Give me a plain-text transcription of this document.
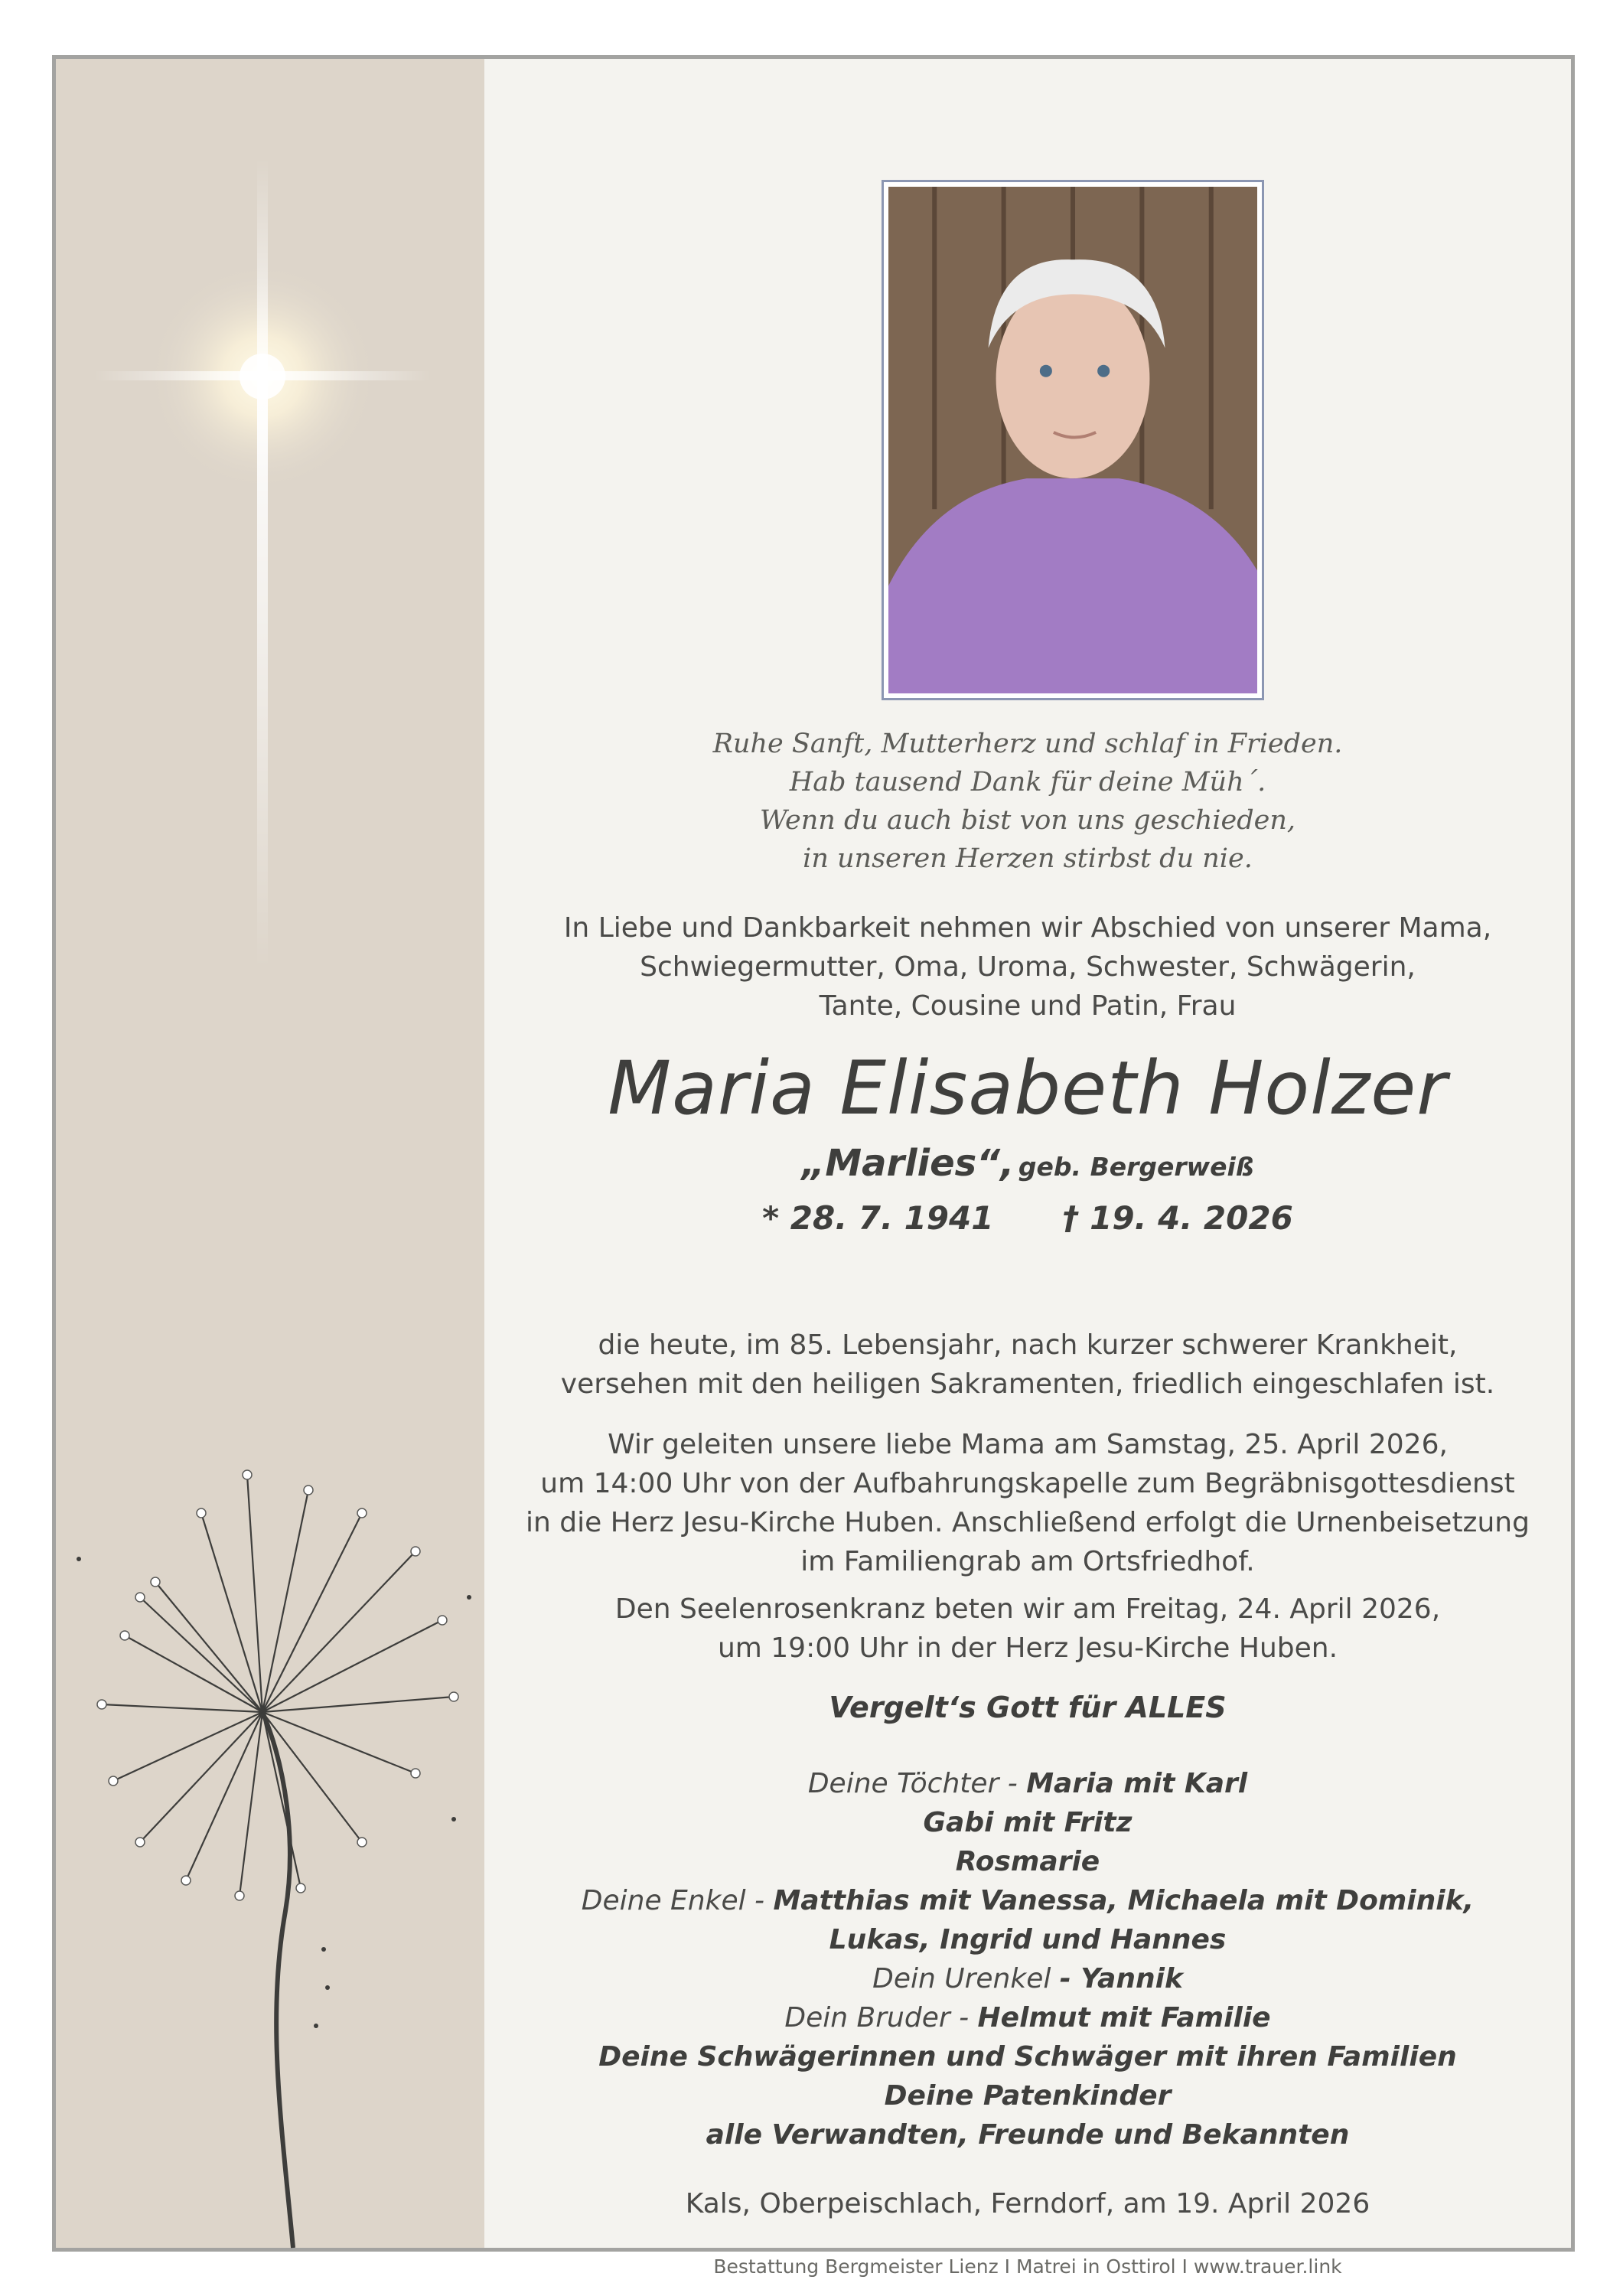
Ruhe Sanft, Mutterherz und schlaf in Frieden.
Hab tausend Dank für deine Müh´.
Wenn du auch bist von uns geschieden,
in unseren Herzen stirbst du nie.
In Liebe und Dankbarkeit nehmen wir Abschied von unserer Mama,
Schwiegermutter, Oma, Uroma, Schwester, Schwägerin,
Tante, Cousine und Patin, Frau
Maria Elisabeth Holzer
„Marlies“, geb. Bergerweiß
* 28. 7. 1941 † 19. 4. 2026
die heute, im 85. Lebensjahr, nach kurzer schwerer Krankheit,
versehen mit den heiligen Sakramenten, friedlich eingeschlafen ist.
Wir geleiten unsere liebe Mama am Samstag, 25. April 2026,
um 14:00 Uhr von der Aufbahrungskapelle zum Begräbnisgottesdienst
in die Herz Jesu-Kirche Huben. Anschließend erfolgt die Urnenbeisetzung
im Familiengrab am Ortsfriedhof.
Den Seelenrosenkranz beten wir am Freitag, 24. April 2026,
um 19:00 Uhr in der Herz Jesu-Kirche Huben.
Vergelt‘s Gott für ALLES
Deine Töchter - Maria mit Karl
Gabi mit Fritz
Rosmarie
Deine Enkel - Matthias mit Vanessa, Michaela mit Dominik,
Lukas, Ingrid und Hannes
Dein Urenkel - Yannik
Dein Bruder - Helmut mit Familie
Deine Schwägerinnen und Schwäger mit ihren Familien
Deine Patenkinder
alle Verwandten, Freunde und Bekannten
Kals, Oberpeischlach, Ferndorf, am 19. April 2026
Bestattung Bergmeister Lienz I Matrei in Osttirol I www.trauer.link
